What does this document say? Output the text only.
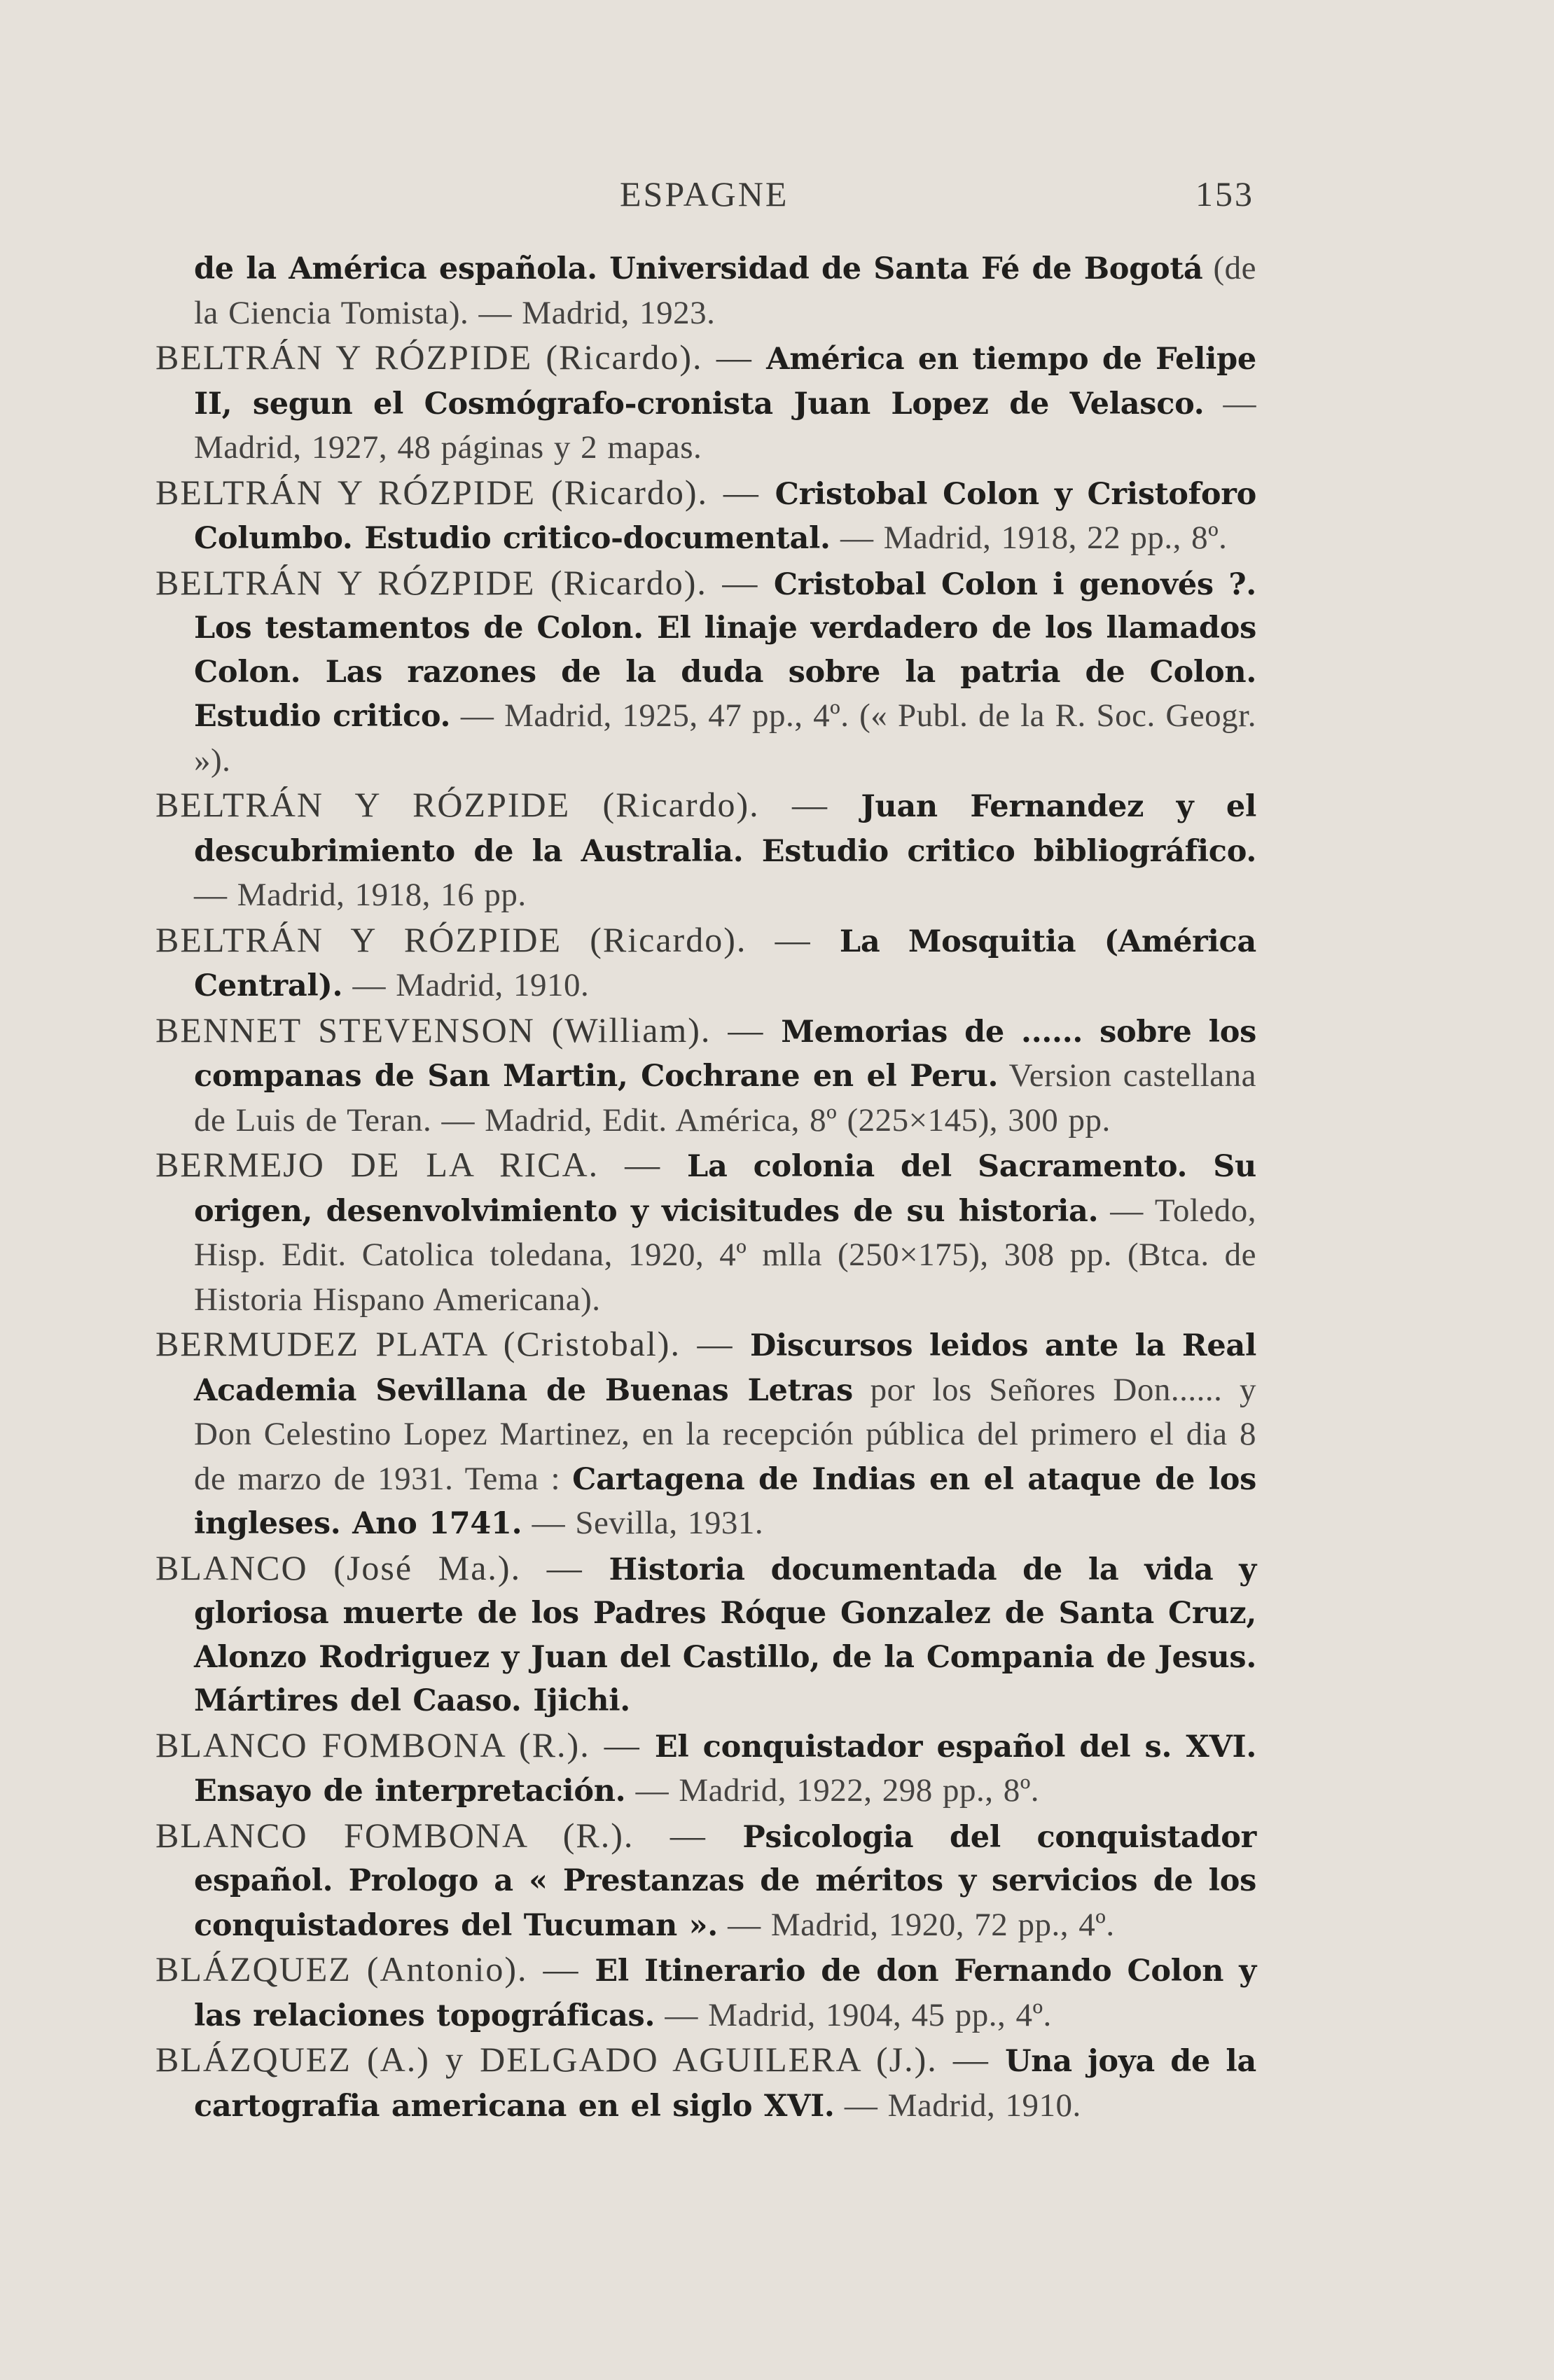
ESPAGNE	153

de la América española. Universidad de Santa Fé de Bogotá (de la Ciencia Tomista). — Madrid, 1923.

BELTRÁN Y RÓZPIDE (Ricardo). — América en tiempo de Felipe II, segun el Cosmógrafo-cronista Juan Lopez de Velasco. — Madrid, 1927, 48 páginas y 2 mapas.

BELTRÁN Y RÓZPIDE (Ricardo). — Cristobal Colon y Cristoforo Columbo. Estudio critico-documental. — Madrid, 1918, 22 pp., 8º.

BELTRÁN Y RÓZPIDE (Ricardo). — Cristobal Colon i genovés ?. Los testamentos de Colon. El linaje verdadero de los llamados Colon. Las razones de la duda sobre la patria de Colon. Estudio critico. — Madrid, 1925, 47 pp., 4º. (« Publ. de la R. Soc. Geogr. »).

BELTRÁN Y RÓZPIDE (Ricardo). — Juan Fernandez y el descubrimiento de la Australia. Estudio critico bibliográfico. — Madrid, 1918, 16 pp.

BELTRÁN Y RÓZPIDE (Ricardo). — La Mosquitia (América Central). — Madrid, 1910.

BENNET STEVENSON (William). — Memorias de ...... sobre los companas de San Martin, Cochrane en el Peru. Version castellana de Luis de Teran. — Madrid, Edit. América, 8º (225×145), 300 pp.

BERMEJO DE LA RICA. — La colonia del Sacramento. Su origen, desenvolvimiento y vicisitudes de su historia. — Toledo, Hisp. Edit. Catolica toledana, 1920, 4º mlla (250×175), 308 pp. (Btca. de Historia Hispano Americana).

BERMUDEZ PLATA (Cristobal). — Discursos leidos ante la Real Academia Sevillana de Buenas Letras por los Señores Don...... y Don Celestino Lopez Martinez, en la recepción pública del primero el dia 8 de marzo de 1931. Tema : Cartagena de Indias en el ataque de los ingleses. Ano 1741. — Sevilla, 1931.

BLANCO (José Ma.). — Historia documentada de la vida y gloriosa muerte de los Padres Róque Gonzalez de Santa Cruz, Alonzo Rodriguez y Juan del Castillo, de la Compania de Jesus. Mártires del Caaso. Ijichi.

BLANCO FOMBONA (R.). — El conquistador español del s. XVI. Ensayo de interpretación. — Madrid, 1922, 298 pp., 8º.

BLANCO FOMBONA (R.). — Psicologia del conquistador español. Prologo a « Prestanzas de méritos y servicios de los conquistadores del Tucuman ». — Madrid, 1920, 72 pp., 4º.

BLÁZQUEZ (Antonio). — El Itinerario de don Fernando Colon y las relaciones topográficas. — Madrid, 1904, 45 pp., 4º.

BLÁZQUEZ (A.) y DELGADO AGUILERA (J.). — Una joya de la cartografia americana en el siglo XVI. — Madrid, 1910.
